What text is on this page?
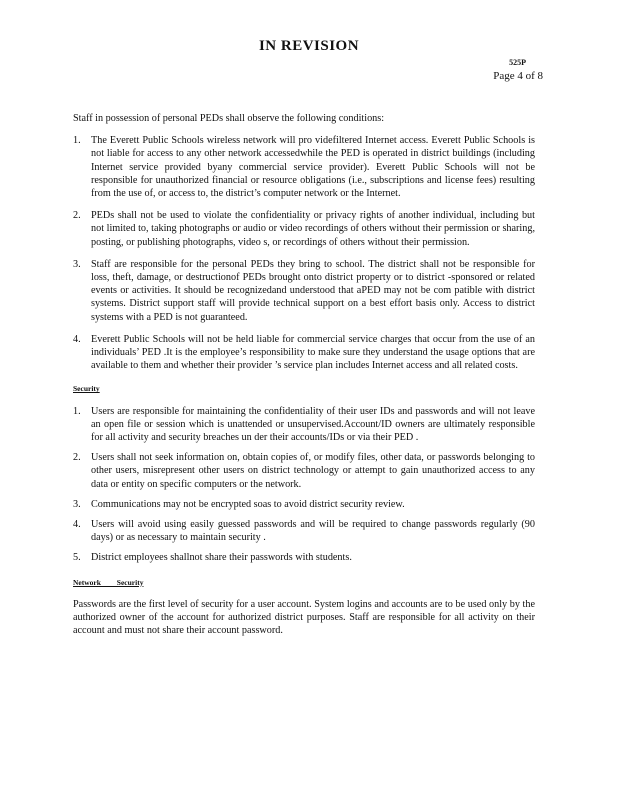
IN REVISION
525P
Page 4 of 8

Staff in possession of personal PEDs shall observe the following conditions:

1. The Everett Public Schools wireless network will pro videfiltered Internet access. Everett Public Schools is not liable for access to any other network accessedwhile the PED is operated in district buildings (including Internet service provided byany commercial service provider). Everett Public Schools will not be responsible for unauthorized financial or resource obligations (i.e., subscriptions and license fees) resulting from the use of, or access to, the district’s computer network or the Internet.
2. PEDs shall not be used to violate the confidentiality or privacy rights of another individual, including but not limited to, taking photographs or audio or video recordings of others without their permission or sharing, posting, or publishing photographs, video s, or recordings of others without their permission.
3. Staff are responsible for the personal PEDs they bring to school. The district shall not be responsible for loss, theft, damage, or destructionof PEDs brought onto district property or to district -sponsored or related events or activities. It should be recognizedand understood that aPED may not be com patible with district systems. District support staff will provide technical support on a best effort basis only. Access to district systems with a PED is not guaranteed.
4. Everett Public Schools will not be held liable for commercial service charges that occur from the use of an individuals’ PED .It is the employee’s responsibility to make sure they understand the usage options that are available to them and whether their provider ’s service plan includes Internet access and all related costs.
Security
1. Users are responsible for maintaining the confidentiality of their user IDs and passwords and will not leave an open file or session which is unattended or unsupervised.Account/ID owners are ultimately responsible for all activity and security breaches un der their accounts/IDs or via their PED .
2. Users shall not seek information on, obtain copies of, or modify files, other data, or passwords belonging to other users, misrepresent other users on district technology or attempt to gain unauthorized access to any data or entity on specific computers or the network.
3. Communications may not be encrypted soas to avoid district security review.
4. Users will avoid using easily guessed passwords and will be required to change passwords regularly (90 days) or as necessary to maintain security .
5. District employees shallnot share their passwords with students.
Network Security

Passwords are the first level of security for a user account. System logins and accounts are to be used only by the authorized owner of the account for authorized district purposes. Staff are responsible for all activity on their account and must not share their account password.
